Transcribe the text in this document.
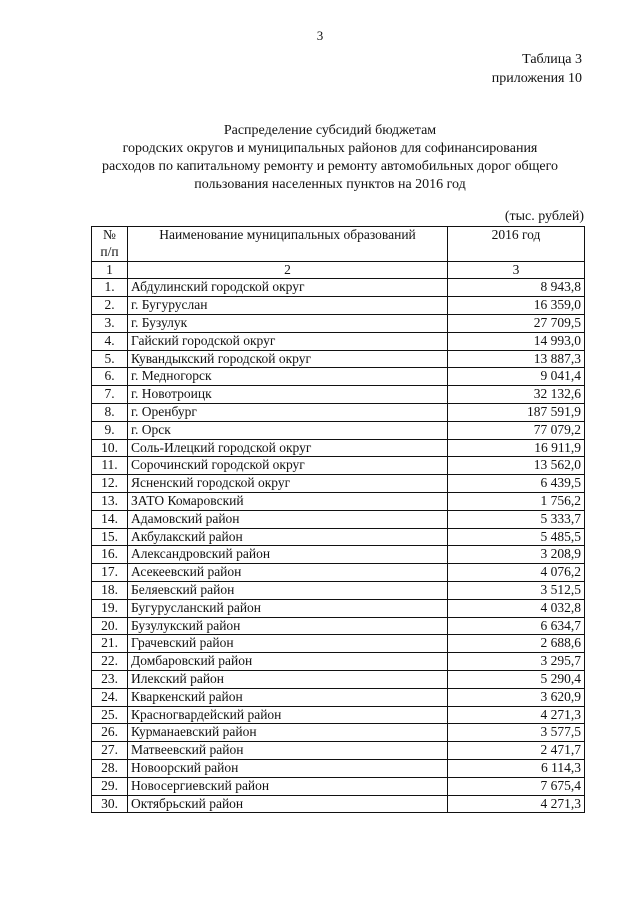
3
Таблица 3
приложения 10
Распределение субсидий бюджетам
городских округов и муниципальных районов для софинансирования
расходов по капитальному ремонту и ремонту автомобильных дорог общего
пользования населенных пунктов на 2016 год
(тыс. рублей)
№
п/п	Наименование муниципальных образований	2016 год
1	2	3
1.	Абдулинский городской округ	8 943,8
2.	г. Бугуруслан	16 359,0
3.	г. Бузулук	27 709,5
4.	Гайский городской округ	14 993,0
5.	Кувандыкский городской округ	13 887,3
6.	г. Медногорск	9 041,4
7.	г. Новотроицк	32 132,6
8.	г. Оренбург	187 591,9
9.	г. Орск	77 079,2
10.	Соль-Илецкий городской округ	16 911,9
11.	Сорочинский городской округ	13 562,0
12.	Ясненский городской округ	6 439,5
13.	ЗАТО Комаровский	1 756,2
14.	Адамовский район	5 333,7
15.	Акбулакский район	5 485,5
16.	Александровский район	3 208,9
17.	Асекеевский район	4 076,2
18.	Беляевский район	3 512,5
19.	Бугурусланский район	4 032,8
20.	Бузулукский район	6 634,7
21.	Грачевский район	2 688,6
22.	Домбаровский район	3 295,7
23.	Илекский район	5 290,4
24.	Кваркенский район	3 620,9
25.	Красногвардейский район	4 271,3
26.	Курманаевский район	3 577,5
27.	Матвеевский район	2 471,7
28.	Новоорский район	6 114,3
29.	Новосергиевский район	7 675,4
30.	Октябрьский район	4 271,3
